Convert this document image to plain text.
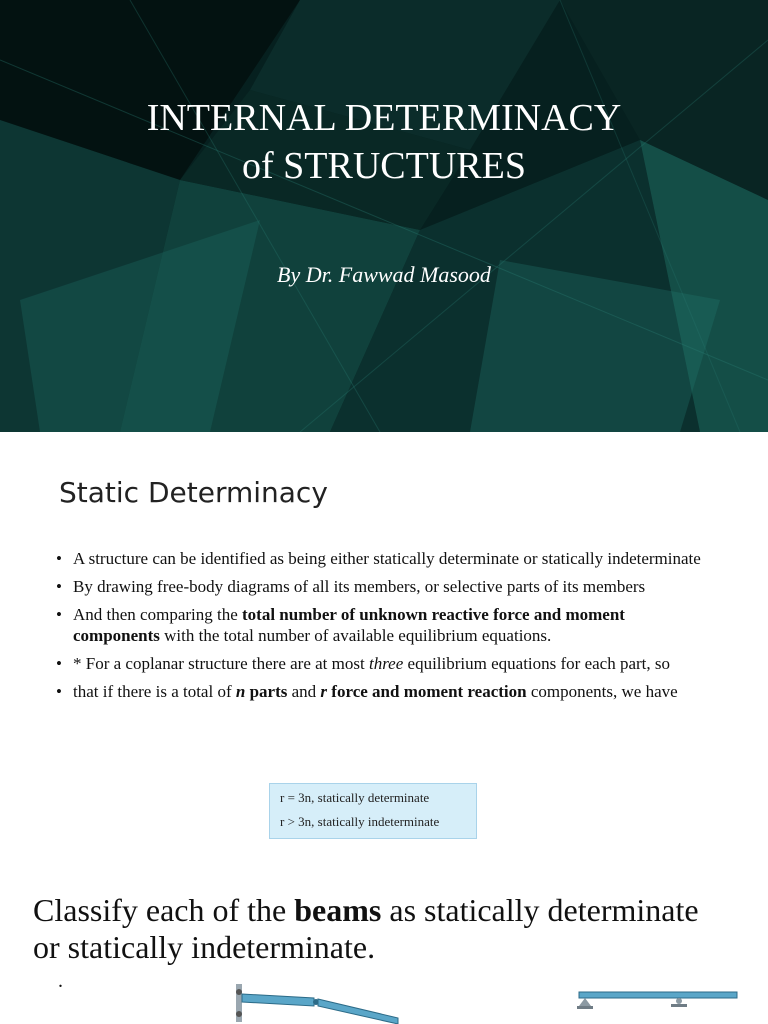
INTERNAL DETERMINACY
of STRUCTURES
By Dr. Fawwad Masood
Static Determinacy
• A structure can be identified as being either statically determinate or statically indeterminate
• By drawing free-body diagrams of all its members, or selective parts of its members
• And then comparing the total number of unknown reactive force and moment components with the total number of available equilibrium equations.
• * For a coplanar structure there are at most three equilibrium equations for each part, so
• that if there is a total of n parts and r force and moment reaction components, we have
r = 3n, statically determinate
r > 3n, statically indeterminate
Classify each of the beams as statically determinate or statically indeterminate.
.
